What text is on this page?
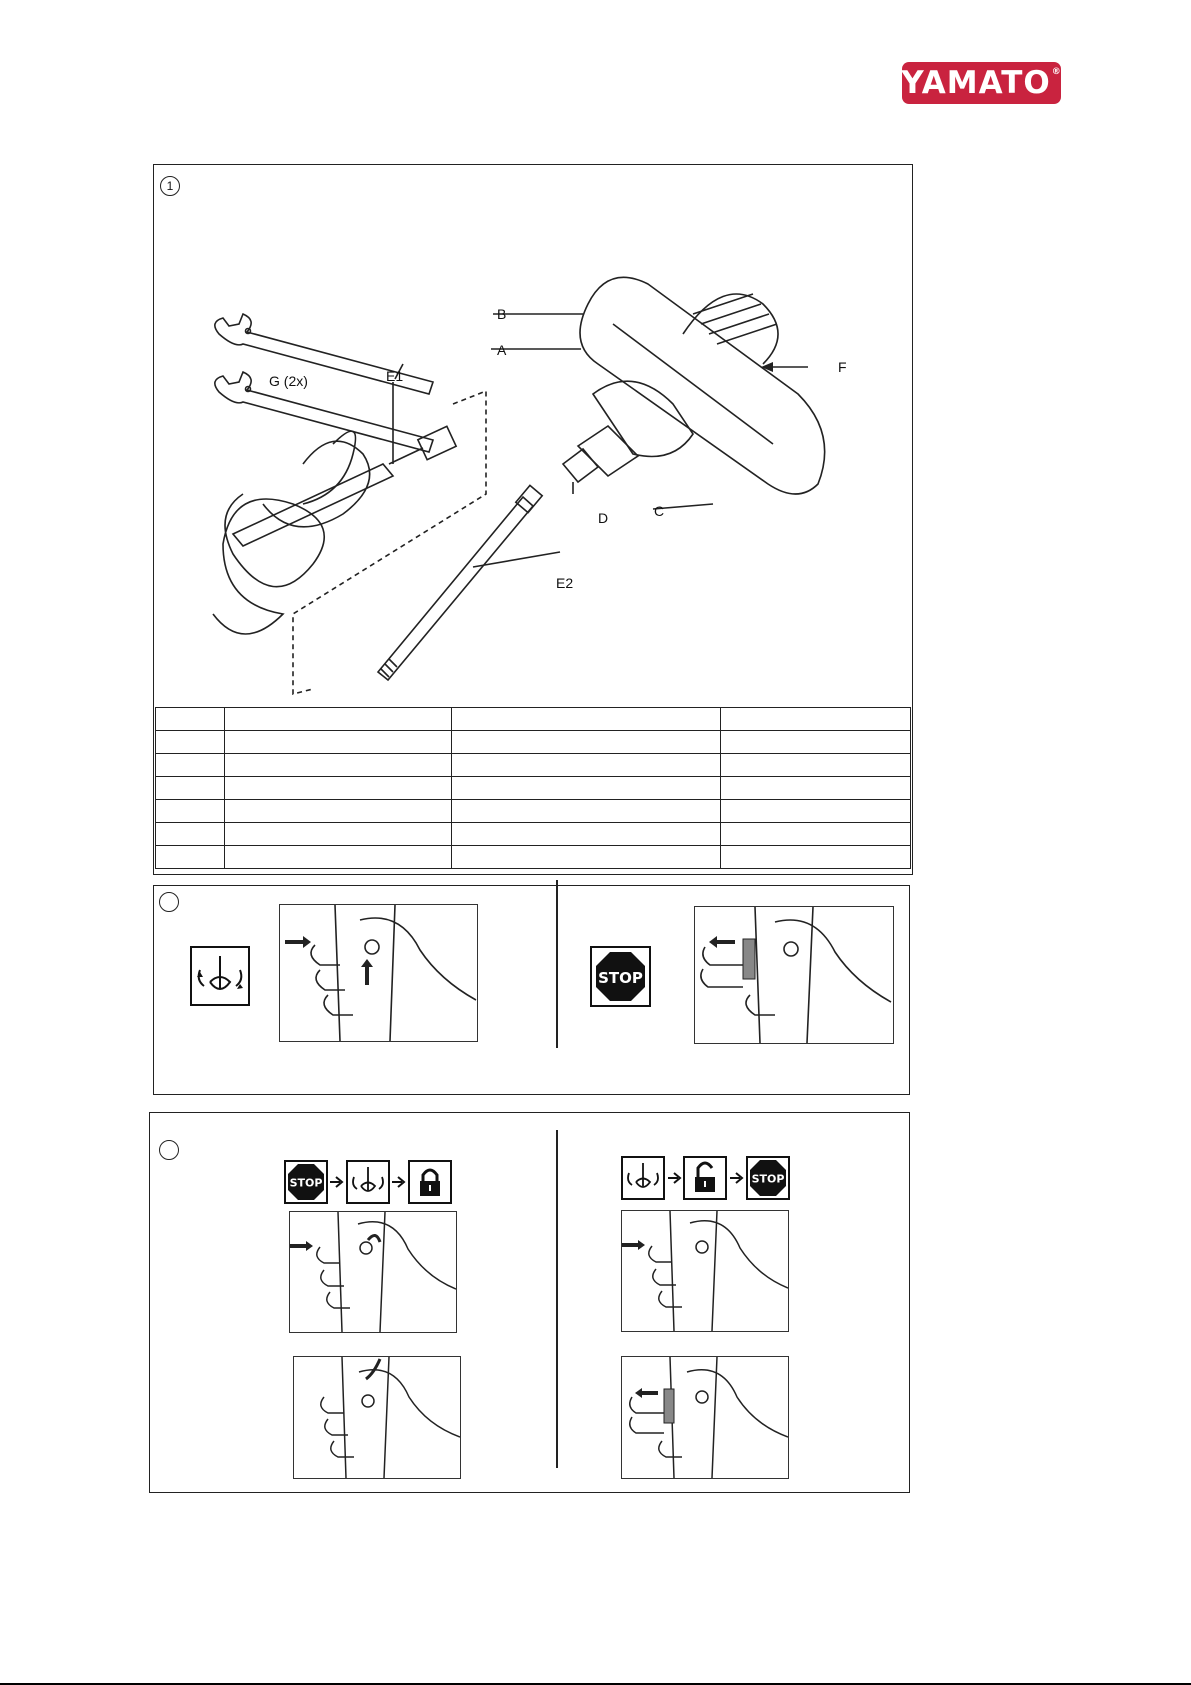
YAMATO ®
1
B
A
F
E1
G (2x)
C
D
E2

STOP
STOP	STOP
